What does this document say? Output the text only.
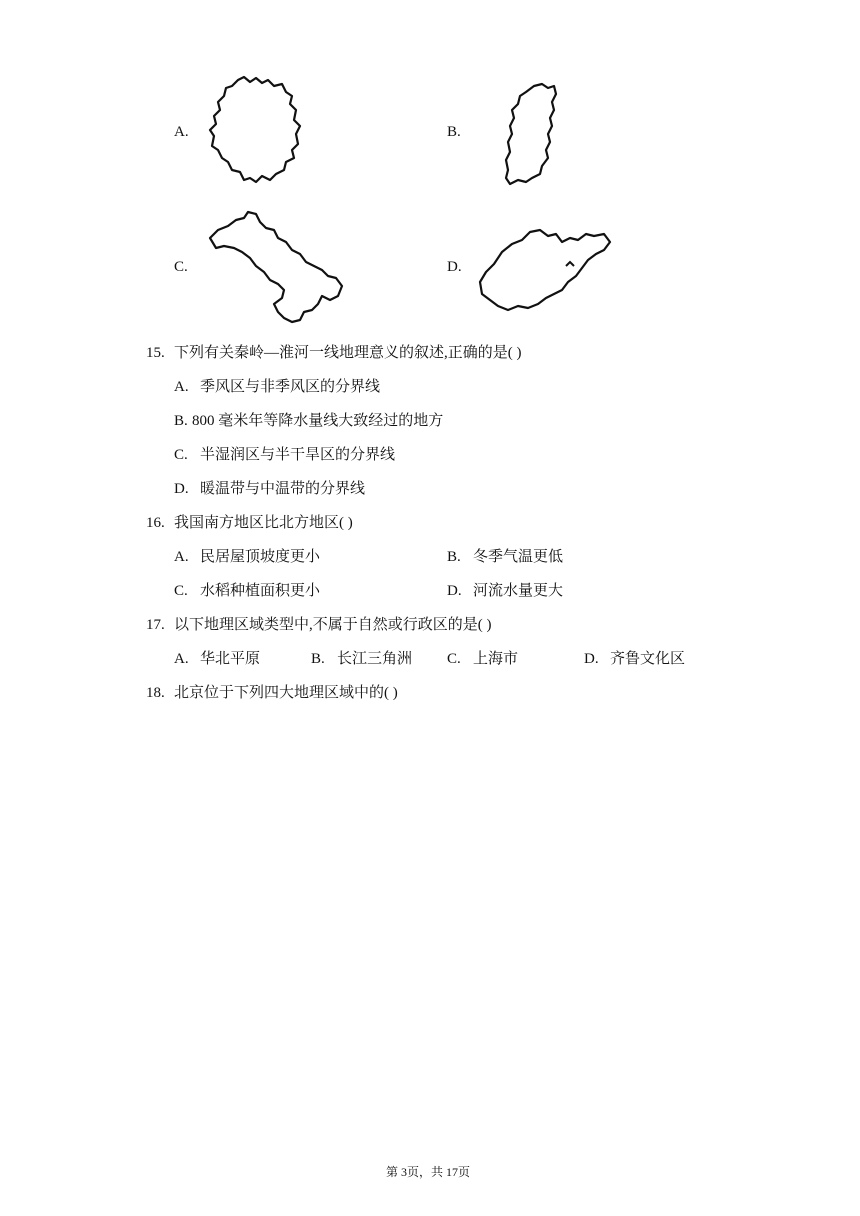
A.	B.
C.	D.
15. 下列有关秦岭—淮河一线地理意义的叙述,正确的是( )
A. 季风区与非季风区的分界线
B. 800 毫米年等降水量线大致经过的地方
C. 半湿润区与半干旱区的分界线
D. 暖温带与中温带的分界线
16. 我国南方地区比北方地区( )
A. 民居屋顶坡度更小	B. 冬季气温更低
C. 水稻种植面积更小	D. 河流水量更大
17. 以下地理区域类型中,不属于自然或行政区的是( )
A. 华北平原	B. 长江三角洲 C. 上海市	D. 齐鲁文化区
18. 北京位于下列四大地理区域中的( )
第 3页，共 17页
